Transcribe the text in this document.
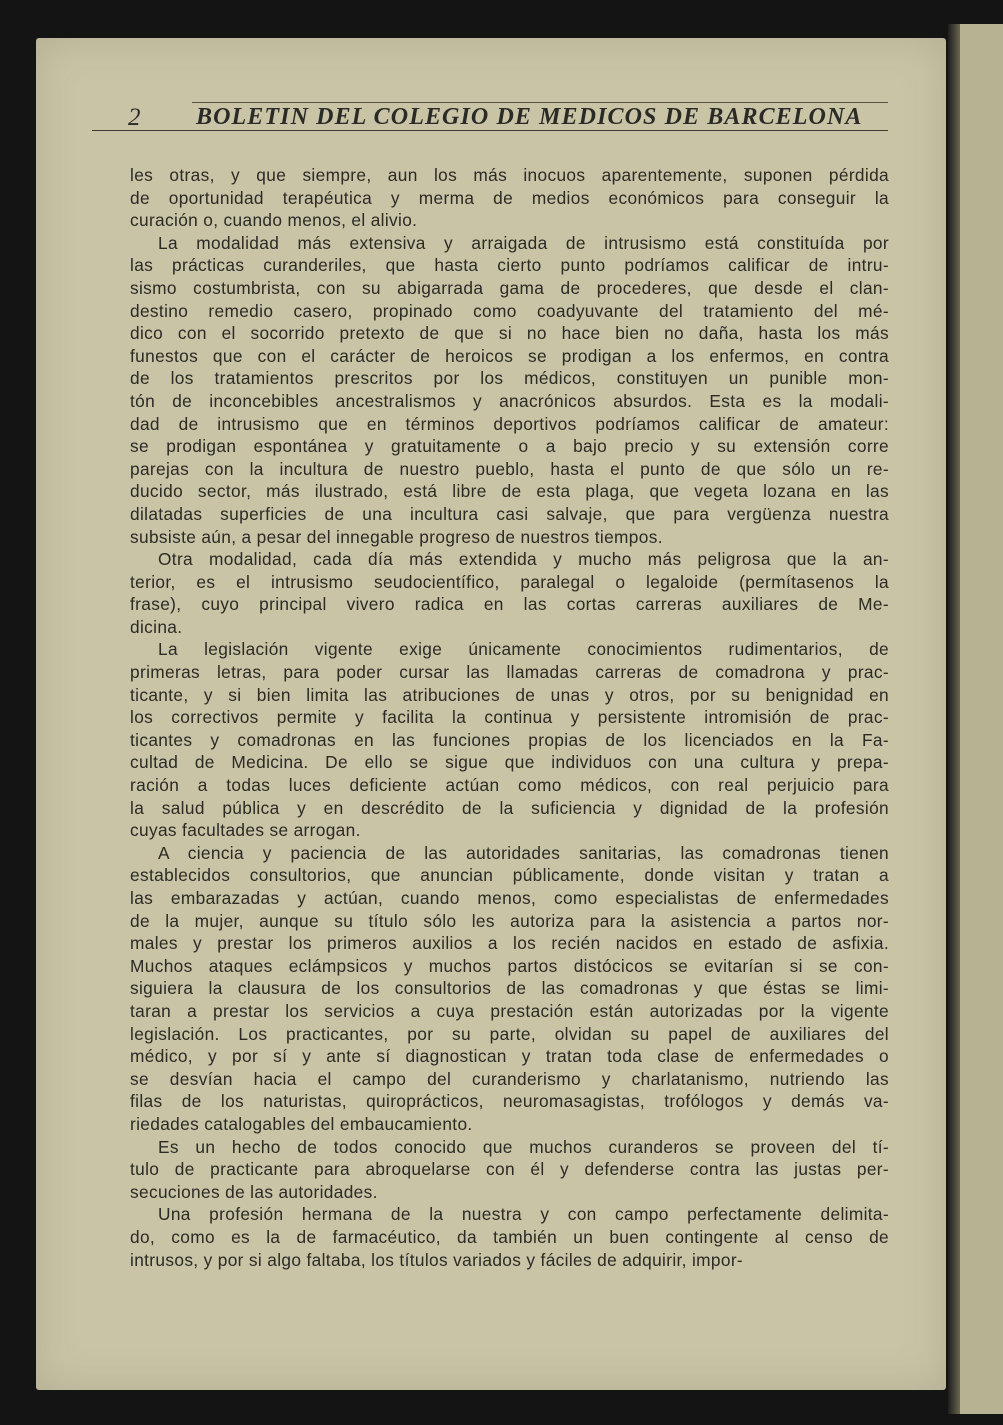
2 BOLETIN DEL COLEGIO DE MEDICOS DE BARCELONA
les otras, y que siempre, aun los más inocuos aparentemente, suponen pérdida
de oportunidad terapéutica y merma de medios económicos para conseguir la
curación o, cuando menos, el alivio.
La modalidad más extensiva y arraigada de intrusismo está constituída por
las prácticas curanderiles, que hasta cierto punto podríamos calificar de intru-
sismo costumbrista, con su abigarrada gama de procederes, que desde el clan-
destino remedio casero, propinado como coadyuvante del tratamiento del mé-
dico con el socorrido pretexto de que si no hace bien no daña, hasta los más
funestos que con el carácter de heroicos se prodigan a los enfermos, en contra
de los tratamientos prescritos por los médicos, constituyen un punible mon-
tón de inconcebibles ancestralismos y anacrónicos absurdos. Esta es la modali-
dad de intrusismo que en términos deportivos podríamos calificar de amateur:
se prodigan espontánea y gratuitamente o a bajo precio y su extensión corre
parejas con la incultura de nuestro pueblo, hasta el punto de que sólo un re-
ducido sector, más ilustrado, está libre de esta plaga, que vegeta lozana en las
dilatadas superficies de una incultura casi salvaje, que para vergüenza nuestra
subsiste aún, a pesar del innegable progreso de nuestros tiempos.
Otra modalidad, cada día más extendida y mucho más peligrosa que la an-
terior, es el intrusismo seudocientífico, paralegal o legaloide (permítasenos la
frase), cuyo principal vivero radica en las cortas carreras auxiliares de Me-
dicina.
La legislación vigente exige únicamente conocimientos rudimentarios, de
primeras letras, para poder cursar las llamadas carreras de comadrona y prac-
ticante, y si bien limita las atribuciones de unas y otros, por su benignidad en
los correctivos permite y facilita la continua y persistente intromisión de prac-
ticantes y comadronas en las funciones propias de los licenciados en la Fa-
cultad de Medicina. De ello se sigue que individuos con una cultura y prepa-
ración a todas luces deficiente actúan como médicos, con real perjuicio para
la salud pública y en descrédito de la suficiencia y dignidad de la profesión
cuyas facultades se arrogan.
A ciencia y paciencia de las autoridades sanitarias, las comadronas tienen
establecidos consultorios, que anuncian públicamente, donde visitan y tratan a
las embarazadas y actúan, cuando menos, como especialistas de enfermedades
de la mujer, aunque su título sólo les autoriza para la asistencia a partos nor-
males y prestar los primeros auxilios a los recién nacidos en estado de asfixia.
Muchos ataques eclámpsicos y muchos partos distócicos se evitarían si se con-
siguiera la clausura de los consultorios de las comadronas y que éstas se limi-
taran a prestar los servicios a cuya prestación están autorizadas por la vigente
legislación. Los practicantes, por su parte, olvidan su papel de auxiliares del
médico, y por sí y ante sí diagnostican y tratan toda clase de enfermedades o
se desvían hacia el campo del curanderismo y charlatanismo, nutriendo las
filas de los naturistas, quiroprácticos, neuromasagistas, trofólogos y demás va-
riedades catalogables del embaucamiento.
Es un hecho de todos conocido que muchos curanderos se proveen del tí-
tulo de practicante para abroquelarse con él y defenderse contra las justas per-
secuciones de las autoridades.
Una profesión hermana de la nuestra y con campo perfectamente delimita-
do, como es la de farmacéutico, da también un buen contingente al censo de
intrusos, y por si algo faltaba, los títulos variados y fáciles de adquirir, impor-
